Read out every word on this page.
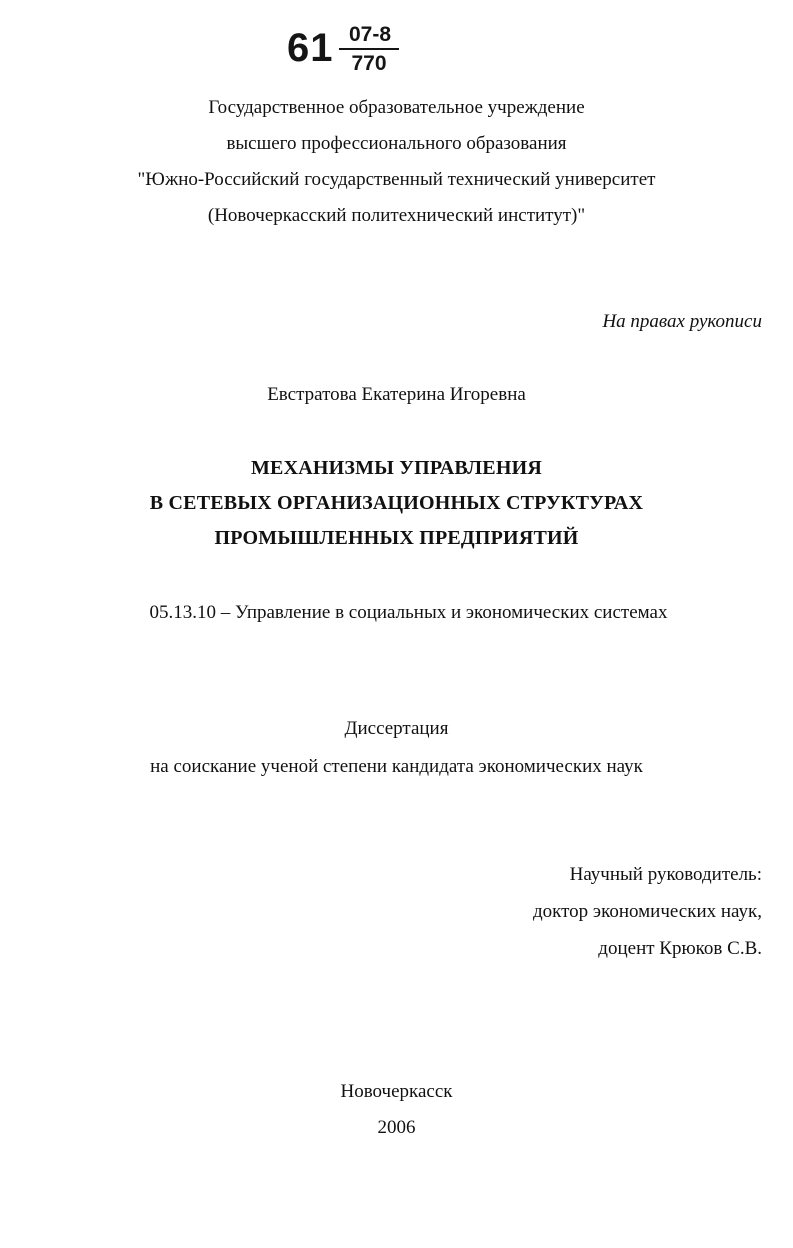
61 07-8
770
Государственное образовательное учреждение
высшего профессионального образования
"Южно-Российский государственный технический университет
(Новочеркасский политехнический институт)"
На правах рукописи
Евстратова Екатерина Игоревна
МЕХАНИЗМЫ УПРАВЛЕНИЯ
В СЕТЕВЫХ ОРГАНИЗАЦИОННЫХ СТРУКТУРАХ
ПРОМЫШЛЕННЫХ ПРЕДПРИЯТИЙ
05.13.10 – Управление в социальных и экономических системах
Диссертация
на соискание ученой степени кандидата экономических наук
Научный руководитель:
доктор экономических наук,
доцент Крюков С.В.
Новочеркасск
2006
